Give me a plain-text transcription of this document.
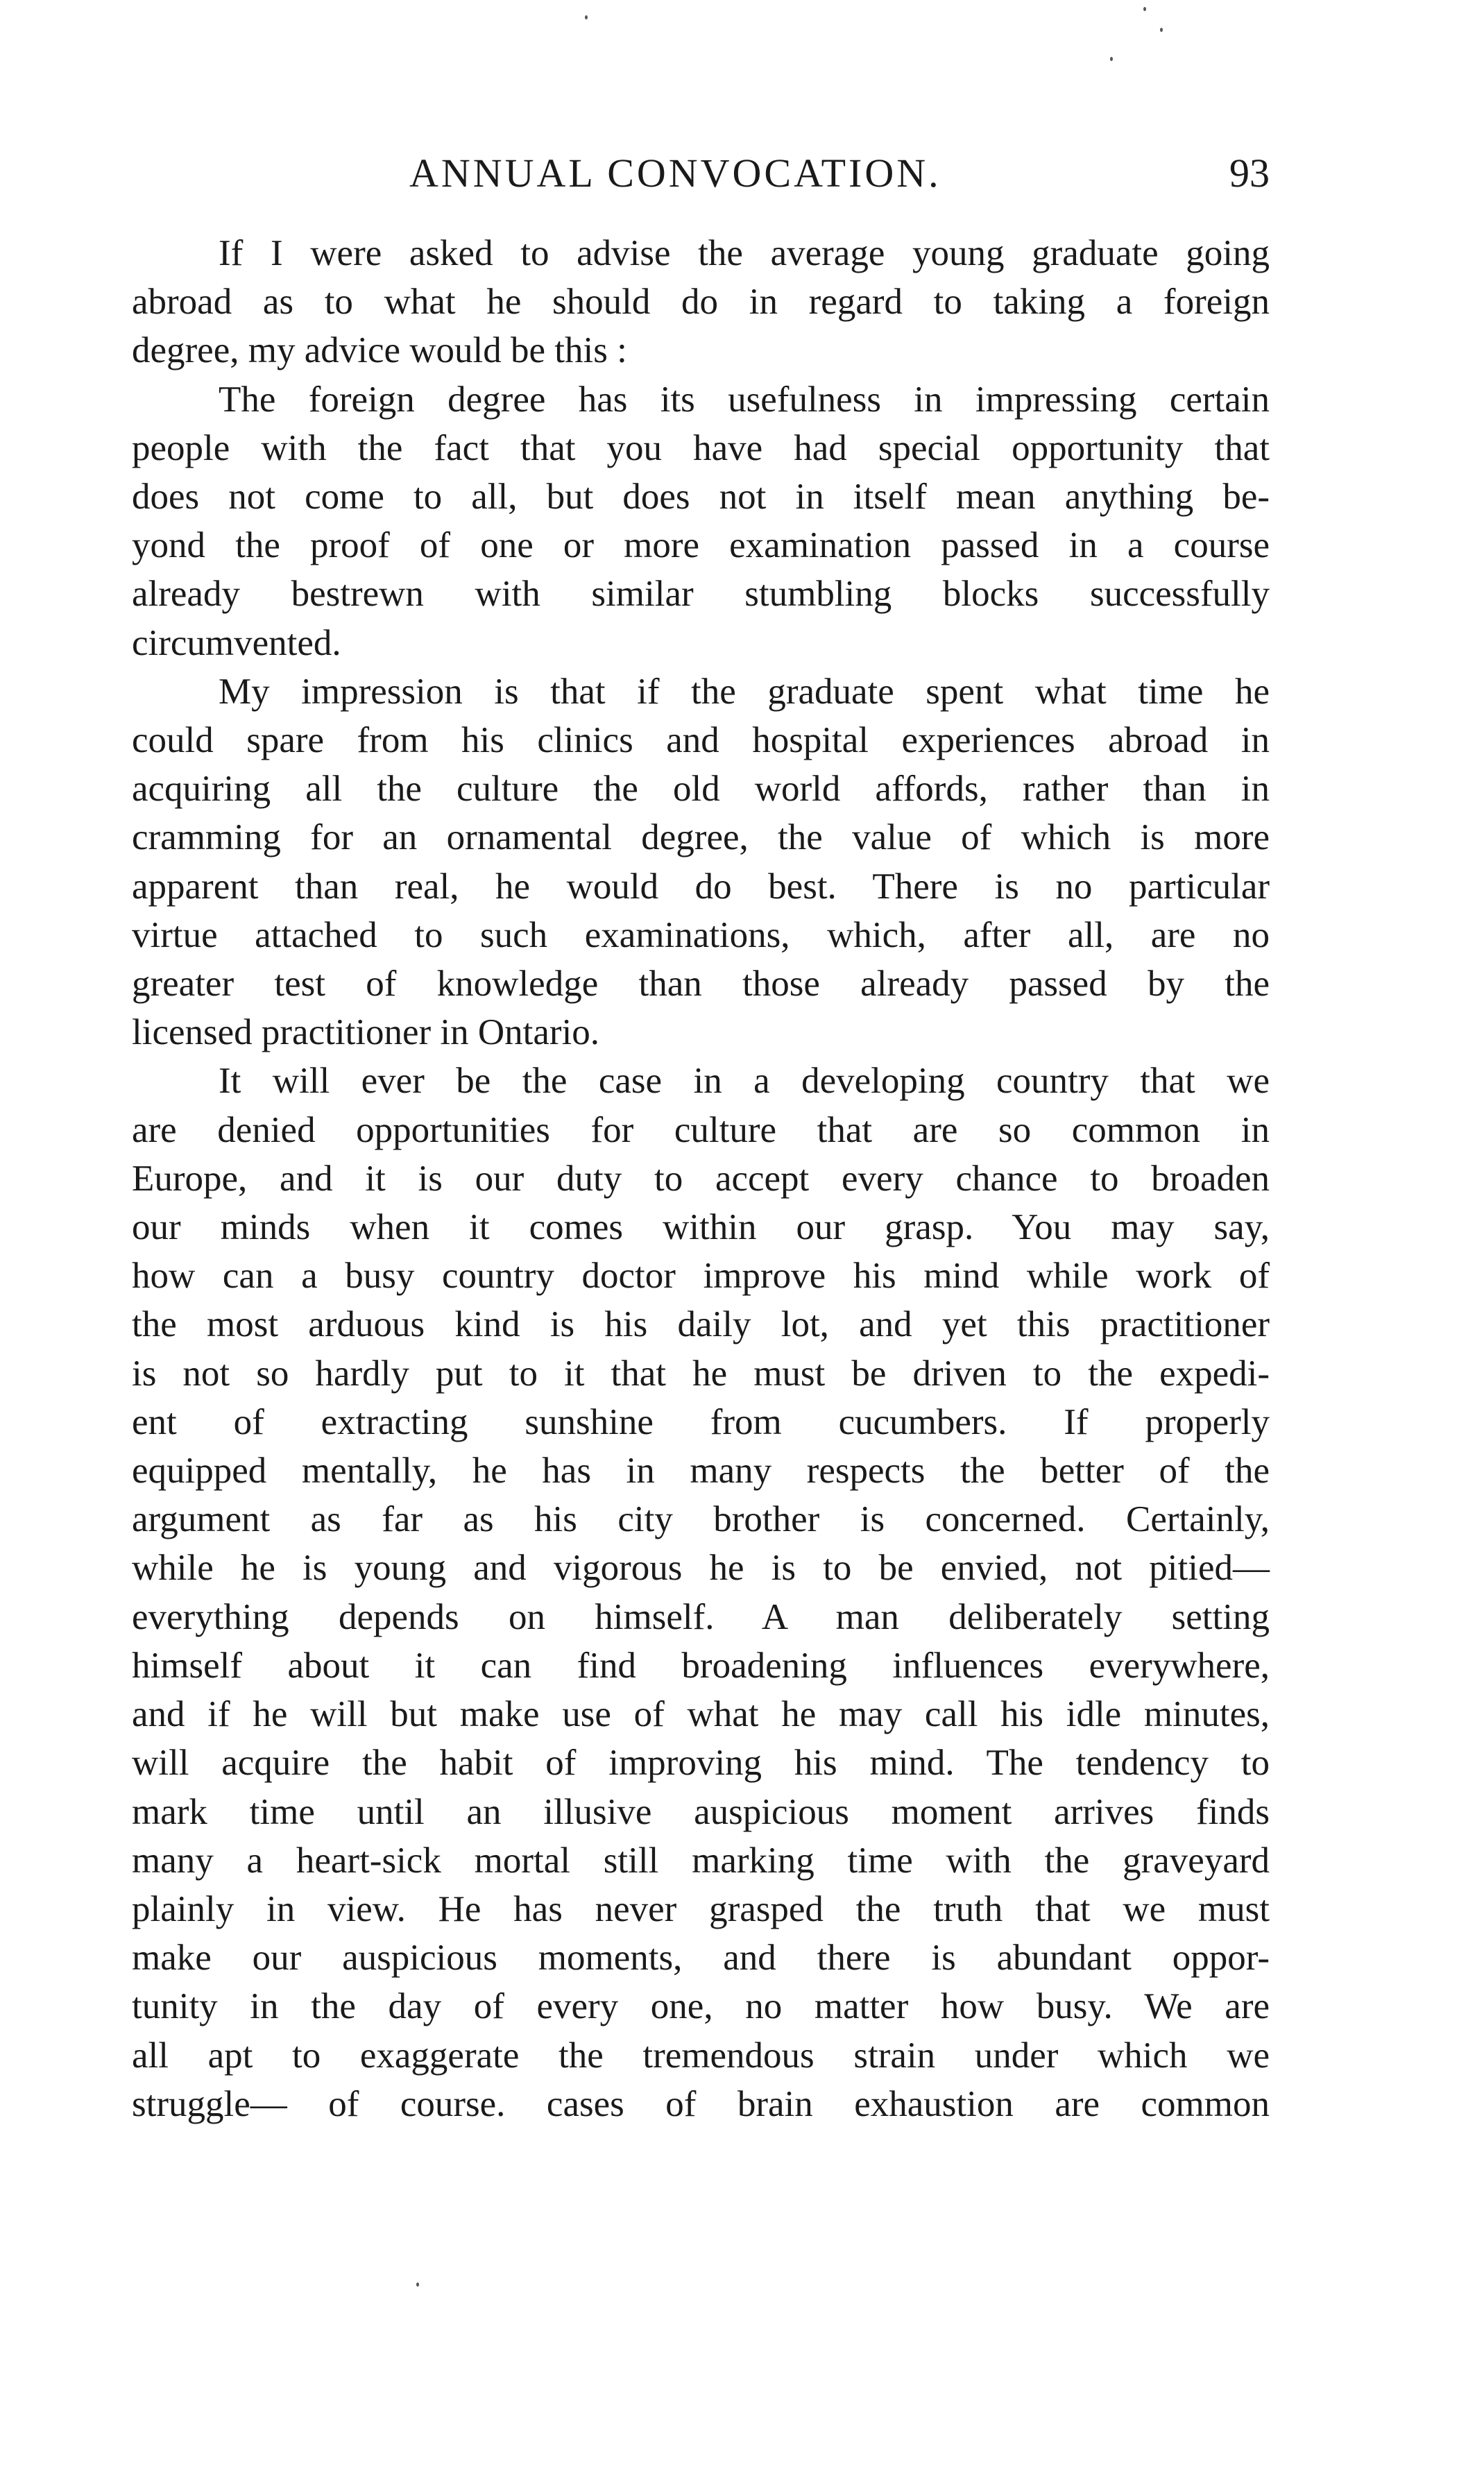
ANNUAL CONVOCATION.	93

If I were asked to advise the average young graduate going
abroad as to what he should do in regard to taking a foreign
degree, my advice would be this :

The foreign degree has its usefulness in impressing certain
people with the fact that you have had special opportunity that
does not come to all, but does not in itself mean anything be-
yond the proof of one or more examination passed in a course
already bestrewn with similar stumbling blocks successfully
circumvented.

My impression is that if the graduate spent what time he
could spare from his clinics and hospital experiences abroad in
acquiring all the culture the old world affords, rather than in
cramming for an ornamental degree, the value of which is more
apparent than real, he would do best. There is no particular
virtue attached to such examinations, which, after all, are no
greater test of knowledge than those already passed by the
licensed practitioner in Ontario.

It will ever be the case in a developing country that we
are denied opportunities for culture that are so common in
Europe, and it is our duty to accept every chance to broaden
our minds when it comes within our grasp. You may say,
how can a busy country doctor improve his mind while work of
the most arduous kind is his daily lot, and yet this practitioner
is not so hardly put to it that he must be driven to the expedi-
ent of extracting sunshine from cucumbers. If properly
equipped mentally, he has in many respects the better of the
argument as far as his city brother is concerned. Certainly,
while he is young and vigorous he is to be envied, not pitied—
everything depends on himself. A man deliberately setting
himself about it can find broadening influences everywhere,
and if he will but make use of what he may call his idle minutes,
will acquire the habit of improving his mind. The tendency to
mark time until an illusive auspicious moment arrives finds
many a heart-sick mortal still marking time with the graveyard
plainly in view. He has never grasped the truth that we must
make our auspicious moments, and there is abundant oppor-
tunity in the day of every one, no matter how busy. We are
all apt to exaggerate the tremendous strain under which we
struggle— of course. cases of brain exhaustion are common
